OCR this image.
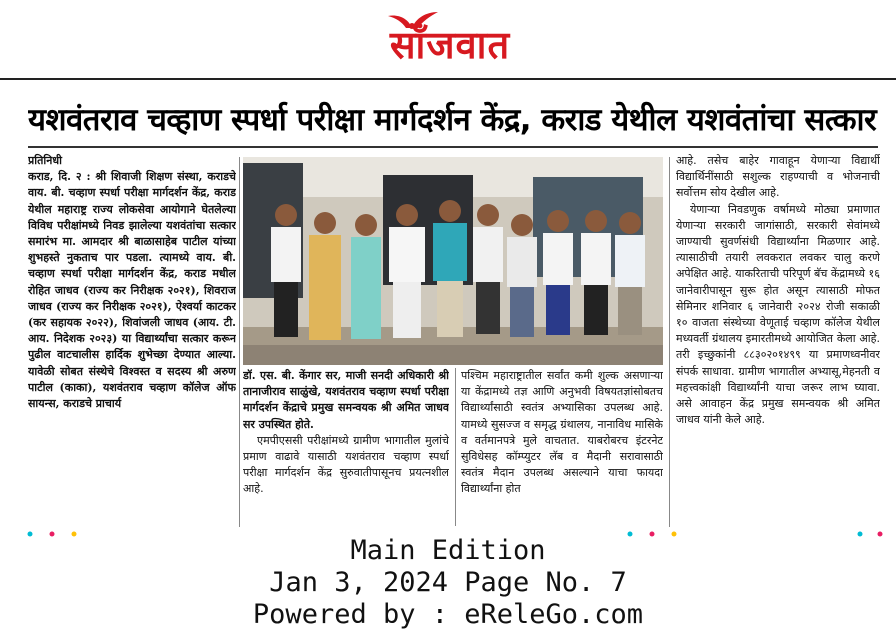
साँजवात
यशवंतराव चव्हाण स्पर्धा परीक्षा मार्गदर्शन केंद्र, कराड येथील यशवंतांचा सत्कार

प्रतिनिधी

कराड, दि. २ : श्री शिवाजी शिक्षण संस्था, कराडचे वाय. बी. चव्हाण स्पर्धा परीक्षा मार्गदर्शन केंद्र, कराड येथील महाराष्ट्र राज्य लोकसेवा आयोगाने घेतलेल्या विविध परीक्षांमध्ये निवड झालेल्या यशवंतांचा सत्कार समारंभ मा. आमदार श्री बाळासाहेब पाटील यांच्या शुभहस्ते नुकताच पार पडला. त्यामध्ये वाय. बी. चव्हाण स्पर्धा परीक्षा मार्गदर्शन केंद्र, कराड मधील रोहित जाधव (राज्य कर निरीक्षक २०२१), शिवराज जाधव (राज्य कर निरीक्षक २०२१), ऐश्वर्या काटकर (कर सहायक २०२२), शिवांजली जाधव (आय. टी. आय. निदेशक २०२३) या विद्यार्थ्यांचा सत्कार करून पुढील वाटचालीस हार्दिक शुभेच्छा देण्यात आल्या. यावेळी सोबत संस्थेचे विश्वस्त व सदस्य श्री अरुण पाटील (काका), यशवंतराव चव्हाण कॉलेज ऑफ सायन्स, कराडचे प्राचार्य

डॉ. एस. बी. केंगार सर, माजी सनदी अधिकारी श्री तानाजीराव साळुंखे, यशवंतराव चव्हाण स्पर्धा परीक्षा मार्गदर्शन केंद्राचे प्रमुख समन्वयक श्री अमित जाधव सर उपस्थित होते.

एमपीएससी परीक्षांमध्ये ग्रामीण भागातील मुलांचे प्रमाण वाढावे यासाठी यशवंतराव चव्हाण स्पर्धा परीक्षा मार्गदर्शन केंद्र सुरुवातीपासूनच प्रयत्नशील आहे.

पश्चिम महाराष्ट्रातील सर्वांत कमी शुल्क असणाऱ्या या केंद्रामध्ये तज्ञ आणि अनुभवी विषयतज्ञांसोबतच विद्यार्थ्यांसाठी स्वतंत्र अभ्यासिका उपलब्ध आहे. यामध्ये सुसज्ज व समृद्ध ग्रंथालय, नानाविध मासिके व वर्तमानपत्रे मुले वाचतात. याबरोबरच इंटरनेट सुविधेसह कॉम्प्युटर लॅब व मैदानी सरावासाठी स्वतंत्र मैदान उपलब्ध असल्याने याचा फायदा विद्यार्थ्यांना होत

आहे. तसेच बाहेर गावाहून येणाऱ्या विद्यार्थी विद्यार्थिनींसाठी सशुल्क राहण्याची व भोजनाची सर्वोत्तम सोय देखील आहे.

येणाऱ्या निवडणुक वर्षामध्ये मोठ्या प्रमाणात येणाऱ्या सरकारी जागांसाठी, सरकारी सेवांमध्ये जाण्याची सुवर्णसंधी विद्यार्थ्यांना मिळणार आहे. त्यासाठीची तयारी लवकरात लवकर चालु करणे अपेक्षित आहे. याकरिताची परिपूर्ण बॅच केंद्रामध्ये १६ जानेवारीपासून सुरू होत असून त्यासाठी मोफत सेमिनार शनिवार ६ जानेवारी २०२४ रोजी सकाळी १० वाजता संस्थेच्या वेणूताई चव्हाण कॉलेज येथील मध्यवर्ती ग्रंथालय इमारतीमध्ये आयोजित केला आहे. तरी इच्छुकांनी ८८३०२०१४९९ या प्रमाणध्वनीवर संपर्क साधावा. ग्रामीण भागातील अभ्यासू,मेहनती व महत्त्वकांक्षी विद्यार्थ्यांनी याचा जरूर लाभ घ्यावा. असे आवाहन केंद्र प्रमुख समन्वयक श्री अमित जाधव यांनी केले आहे.

Main Edition
Jan 3, 2024 Page No. 7
Powered by : eReleGo.com
